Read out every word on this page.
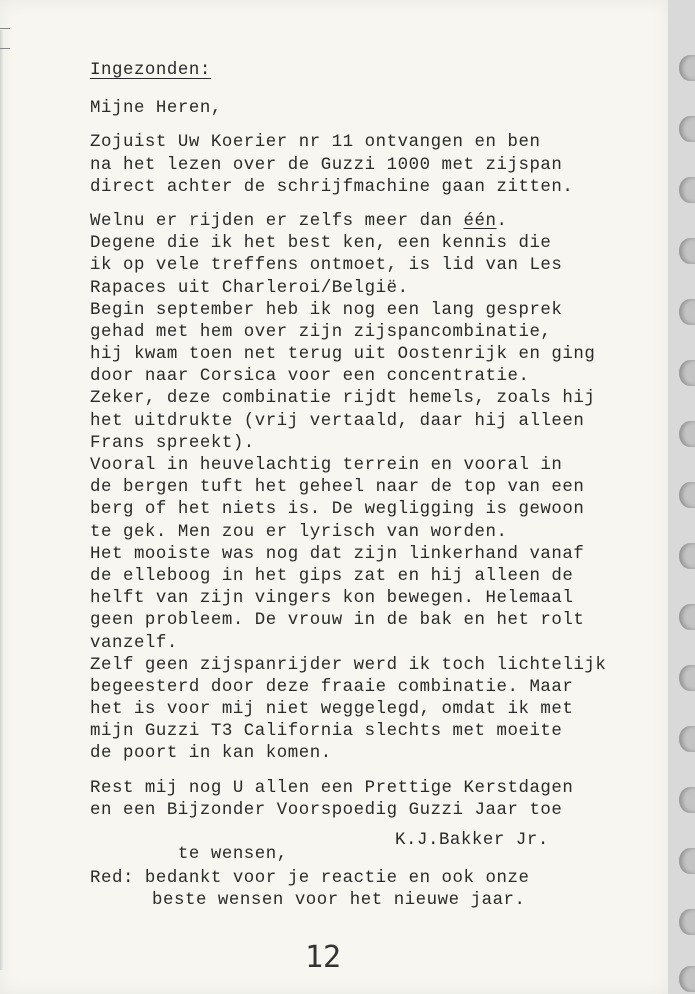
Ingezonden:
Mijne Heren,
Zojuist Uw Koerier nr 11 ontvangen en ben
na het lezen over de Guzzi 1000 met zijspan
direct achter de schrijfmachine gaan zitten.
Welnu er rijden er zelfs meer dan één.
Degene die ik het best ken, een kennis die
ik op vele treffens ontmoet, is lid van Les
Rapaces uit Charleroi/België.
Begin september heb ik nog een lang gesprek
gehad met hem over zijn zijspancombinatie,
hij kwam toen net terug uit Oostenrijk en ging
door naar Corsica voor een concentratie.
Zeker, deze combinatie rijdt hemels, zoals hij
het uitdrukte (vrij vertaald, daar hij alleen
Frans spreekt).
Vooral in heuvelachtig terrein en vooral in
de bergen tuft het geheel naar de top van een
berg of het niets is. De wegligging is gewoon
te gek. Men zou er lyrisch van worden.
Het mooiste was nog dat zijn linkerhand vanaf
de elleboog in het gips zat en hij alleen de
helft van zijn vingers kon bewegen. Helemaal
geen probleem. De vrouw in de bak en het rolt
vanzelf.
Zelf geen zijspanrijder werd ik toch lichtelijk
begeesterd door deze fraaie combinatie. Maar
het is voor mij niet weggelegd, omdat ik met
mijn Guzzi T3 California slechts met moeite
de poort in kan komen.
Rest mij nog U allen een Prettige Kerstdagen
en een Bijzonder Voorspoedig Guzzi Jaar toe

te wensen,

K.J.Bakker Jr.

Red: bedankt voor je reactie en ook onze
beste wensen voor het nieuwe jaar.
12
